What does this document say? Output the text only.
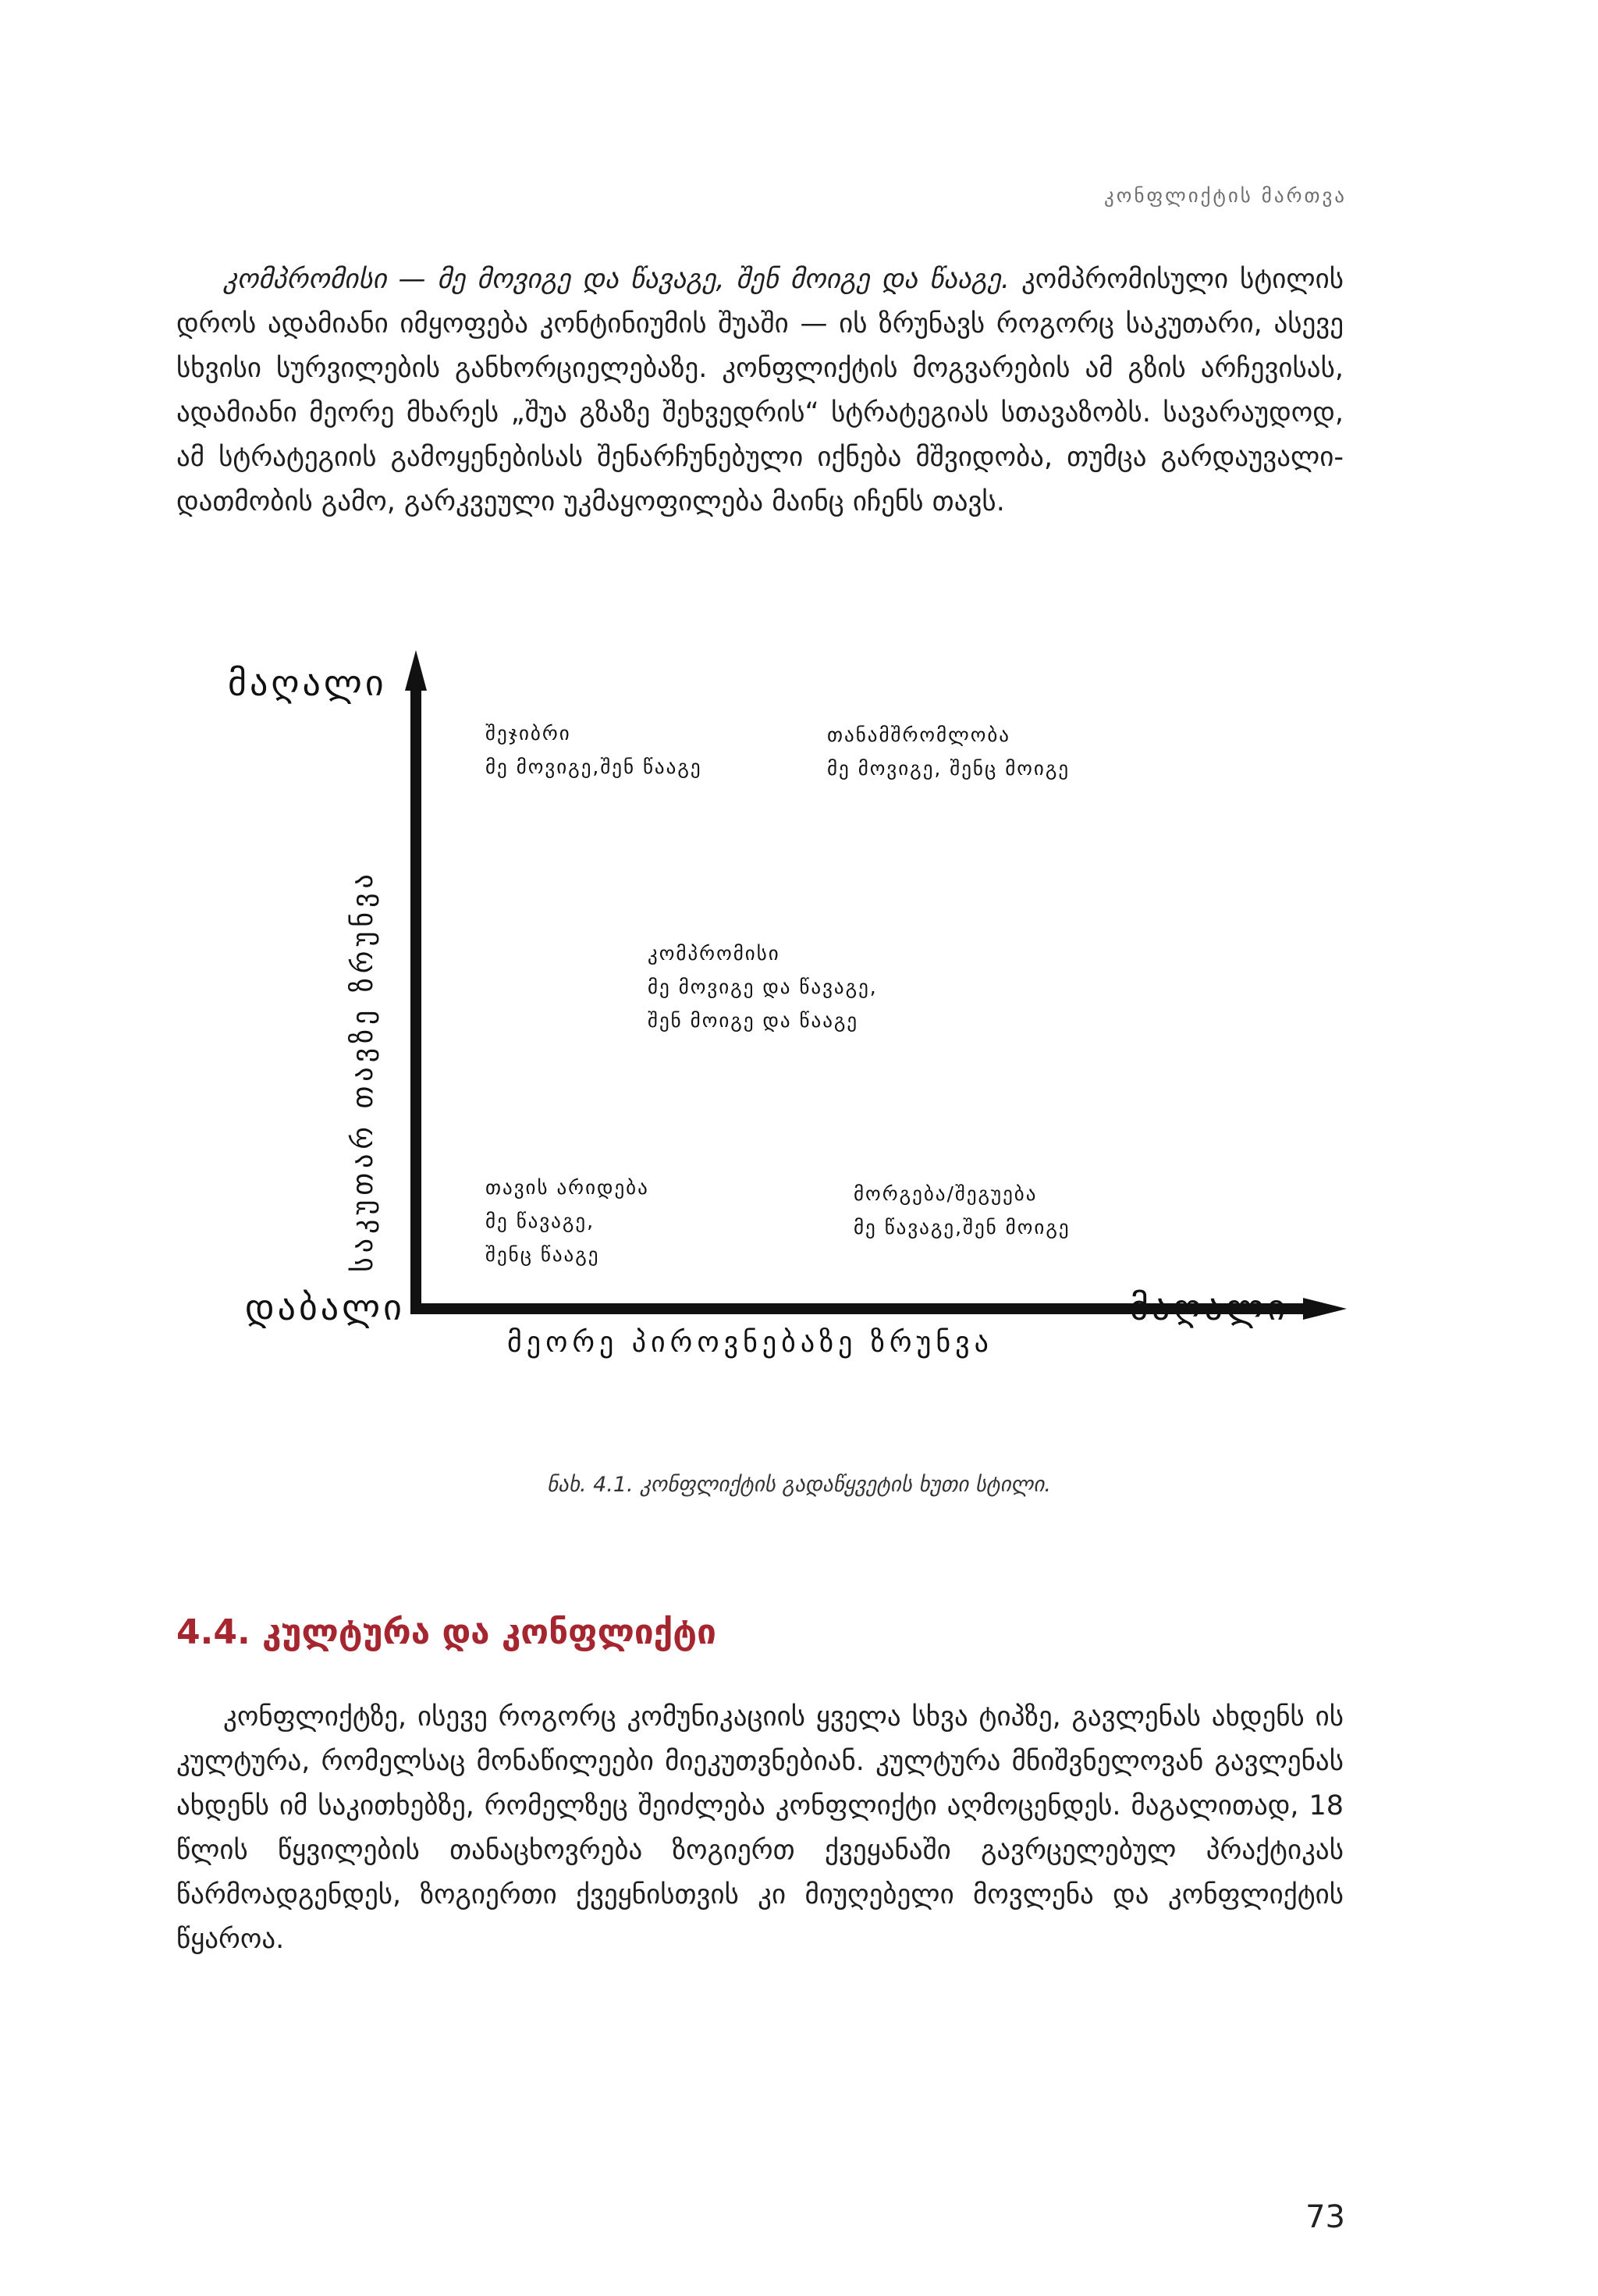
კონფლიქტის მართვა

კომპრომისი — მე მოვიგე და წავაგე, შენ მოიგე და წააგე. კომპრომისული სტილის დროს ადამიანი იმყოფება კონტინიუმის შუაში — ის ზრუნავს როგორც საკუთარი, ასევე სხვისი სურვილების განხორციელებაზე. კონფლიქტის მოგვარების ამ გზის არჩევისას, ადამიანი მეორე მხარეს „შუა გზაზე შეხვედრის“ სტრატეგიას სთავაზობს. სავარაუდოდ, ამ სტრატეგიის გამოყენებისას შენარჩუნებული იქნება მშვიდობა, თუმცა გარდაუვალი-დათმობის გამო, გარკვეული უკმაყოფილება მაინც იჩენს თავს.

მაღალი
დაბალი	მაღალი
მეორე პიროვნებაზე ზრუნვა
საკუთარ თავზე ზრუნვა
შეჯიბრი
მე მოვიგე,შენ წააგე
თანამშრომლობა
მე მოვიგე, შენც მოიგე
კომპრომისი
მე მოვიგე და წავაგე,
შენ მოიგე და წააგე
თავის არიდება
მე წავაგე,
შენც წააგე
მორგება/შეგუება
მე წავაგე,შენ მოიგე
ნახ. 4.1. კონფლიქტის გადაწყვეტის ხუთი სტილი.
4.4. კულტურა და კონფლიქტი

კონფლიქტზე, ისევე როგორც კომუნიკაციის ყველა სხვა ტიპზე, გავლენას ახდენს ის კულტურა, რომელსაც მონაწილეები მიეკუთვნებიან. კულტურა მნიშვნელოვან გავლენას ახდენს იმ საკითხებზე, რომელზეც შეიძლება კონფლიქტი აღმოცენდეს. მაგალითად, 18 წლის წყვილების თანაცხოვრება ზოგიერთ ქვეყანაში გავრცელებულ პრაქტიკას წარმოადგენდეს, ზოგიერთი ქვეყნისთვის კი მიუღებელი მოვლენა და კონფლიქტის წყაროა.

73
